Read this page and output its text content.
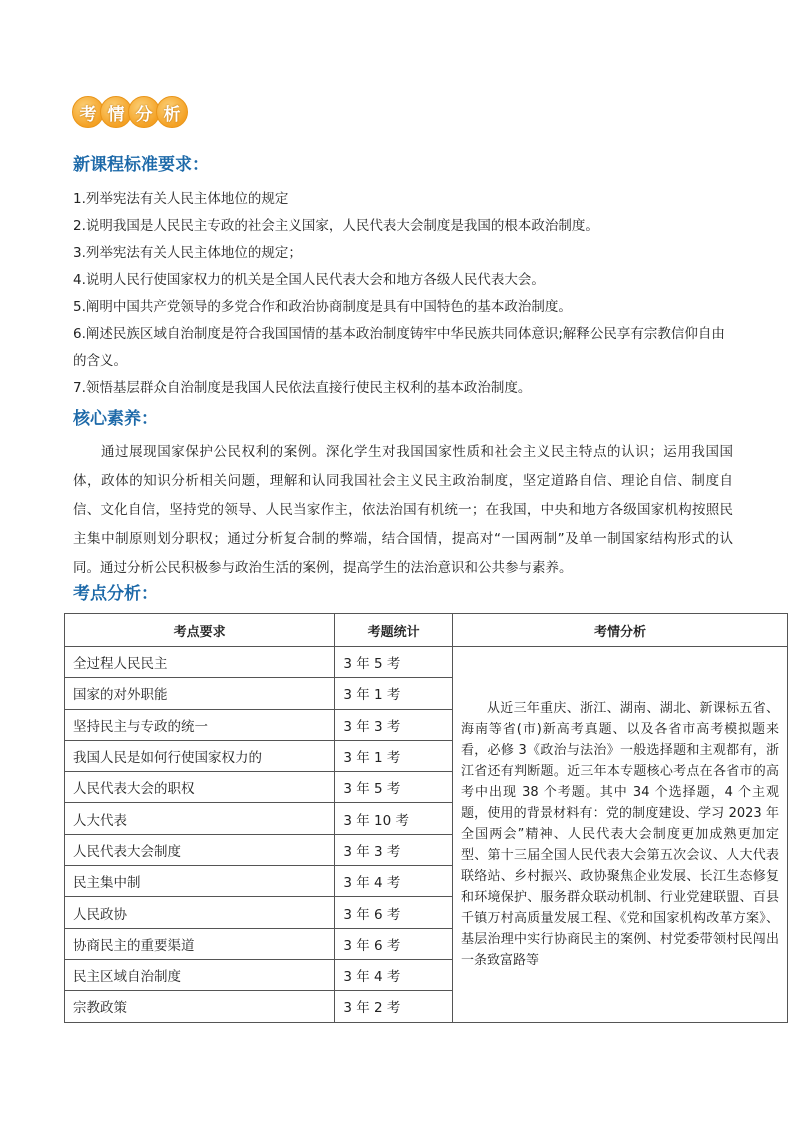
考 情 分 析
新课程标准要求：
1.列举宪法有关人民主体地位的规定
2.说明我国是人民民主专政的社会主义国家，人民代表大会制度是我国的根本政治制度。
3.列举宪法有关人民主体地位的规定；
4.说明人民行使国家权力的机关是全国人民代表大会和地方各级人民代表大会。
5.阐明中国共产党领导的多党合作和政治协商制度是具有中国特色的基本政治制度。
6.阐述民族区域自治制度是符合我国国情的基本政治制度铸牢中华民族共同体意识;解释公民享有宗教信仰自由的含义。
7.领悟基层群众自治制度是我国人民依法直接行使民主权利的基本政治制度。
核心素养：

通过展现国家保护公民权利的案例。深化学生对我国国家性质和社会主义民主特点的认识；运用我国国体，政体的知识分析相关问题，理解和认同我国社会主义民主政治制度，坚定道路自信、理论自信、制度自信、文化自信，坚持党的领导、人民当家作主，依法治国有机统一；在我国，中央和地方各级国家机构按照民主集中制原则划分职权；通过分析复合制的弊端，结合国情，提高对“一国两制”及单一制国家结构形式的认同。通过分析公民积极参与政治生活的案例，提高学生的法治意识和公共参与素养。

考点分析：
考点要求	考题统计	考情分析
全过程人民民主	3 年 5 考	从近三年重庆、浙江、湖南、湖北、新课标五省、海南等省(市)新高考真题、以及各省市高考模拟题来看，必修 3《政治与法治》一般选择题和主观都有，浙江省还有判断题。近三年本专题核心考点在各省市的高考中出现 38 个考题。其中 34 个选择题，4 个主观题，使用的背景材料有：党的制度建设、学习 2023 年全国两会”精神、人民代表大会制度更加成熟更加定型、第十三届全国人民代表大会第五次会议、人大代表联络站、乡村振兴、政协聚焦企业发展、长江生态修复和环境保护、服务群众联动机制、行业党建联盟、百县千镇万村高质量发展工程、《党和国家机构改革方案》、基层治理中实行协商民主的案例、村党委带领村民闯出一条致富路等

国家的对外职能	3 年 1 考	
坚持民主与专政的统一	3 年 3 考	
我国人民是如何行使国家权力的	3 年 1 考	
人民代表大会的职权	3 年 5 考	
人大代表	3 年 10 考	
人民代表大会制度	3 年 3 考	
民主集中制	3 年 4 考	
人民政协	3 年 6 考	
协商民主的重要渠道	3 年 6 考	
民主区域自治制度	3 年 4 考	
宗教政策	3 年 2 考	
